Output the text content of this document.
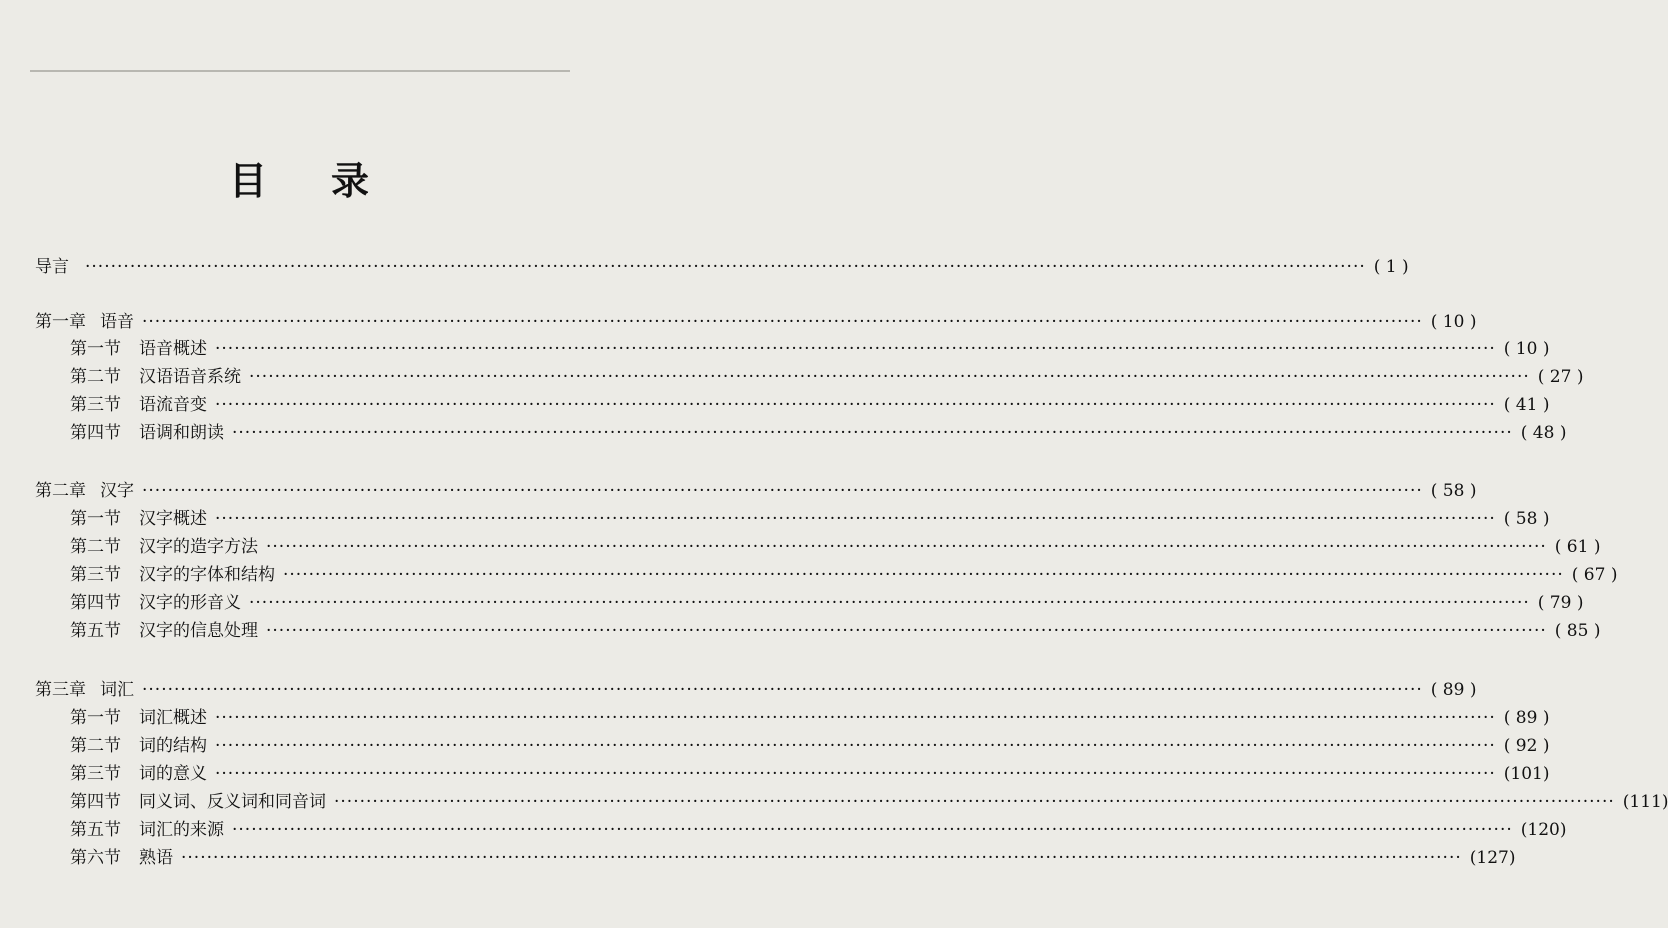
目 录
导言 ········································································································································································································ ( 1 )
第一章 语音 ········································································································································································································ ( 10 )
第一节 语音概述 ········································································································································································································ ( 10 )
第二节 汉语语音系统 ········································································································································································································ ( 27 )
第三节 语流音变 ········································································································································································································ ( 41 )
第四节 语调和朗读 ········································································································································································································ ( 48 )
第二章 汉字 ········································································································································································································ ( 58 )
第一节 汉字概述 ········································································································································································································ ( 58 )
第二节 汉字的造字方法 ········································································································································································································ ( 61 )
第三节 汉字的字体和结构 ········································································································································································································ ( 67 )
第四节 汉字的形音义 ········································································································································································································ ( 79 )
第五节 汉字的信息处理 ········································································································································································································ ( 85 )
第三章 词汇 ········································································································································································································ ( 89 )
第一节 词汇概述 ········································································································································································································ ( 89 )
第二节 词的结构 ········································································································································································································ ( 92 )
第三节 词的意义 ········································································································································································································ (101)
第四节 同义词、反义词和同音词 ········································································································································································································ (111)
第五节 词汇的来源 ········································································································································································································ (120)
第六节 熟语 ········································································································································································································ (127)
